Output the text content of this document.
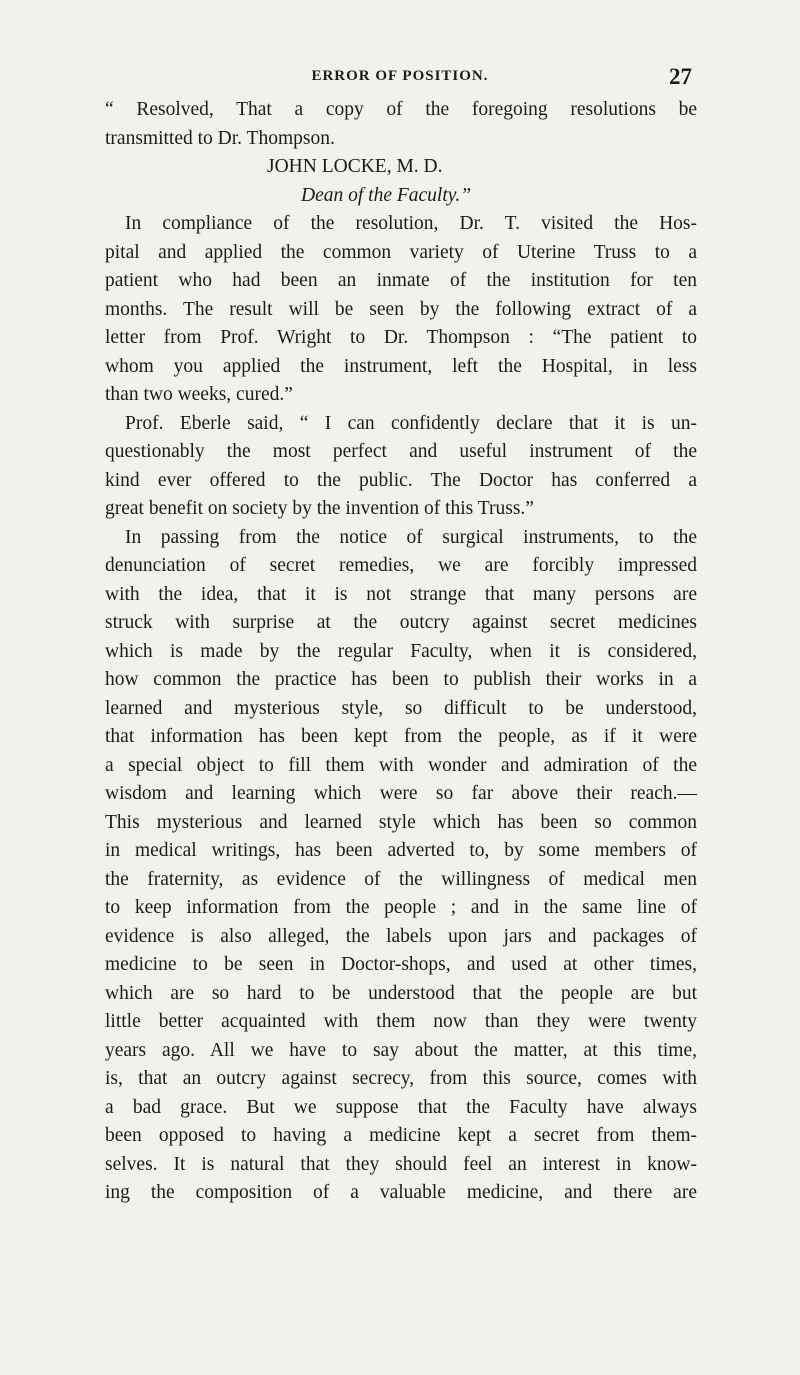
ERROR OF POSITION.	27
“ Resolved, That a copy of the foregoing resolutions be
transmitted to Dr. Thompson.
JOHN LOCKE, M. D.
Dean of the Faculty.”
In compliance of the resolution, Dr. T. visited the Hos-
pital and applied the common variety of Uterine Truss to a
patient who had been an inmate of the institution for ten
months. The result will be seen by the following extract of a
letter from Prof. Wright to Dr. Thompson : “The patient to
whom you applied the instrument, left the Hospital, in less
than two weeks, cured.”
Prof. Eberle said, “ I can confidently declare that it is un-
questionably the most perfect and useful instrument of the
kind ever offered to the public. The Doctor has conferred a
great benefit on society by the invention of this Truss.”
In passing from the notice of surgical instruments, to the
denunciation of secret remedies, we are forcibly impressed
with the idea, that it is not strange that many persons are
struck with surprise at the outcry against secret medicines
which is made by the regular Faculty, when it is considered,
how common the practice has been to publish their works in a
learned and mysterious style, so difficult to be understood,
that information has been kept from the people, as if it were
a special object to fill them with wonder and admiration of the
wisdom and learning which were so far above their reach.—
This mysterious and learned style which has been so common
in medical writings, has been adverted to, by some members of
the fraternity, as evidence of the willingness of medical men
to keep information from the people ; and in the same line of
evidence is also alleged, the labels upon jars and packages of
medicine to be seen in Doctor-shops, and used at other times,
which are so hard to be understood that the people are but
little better acquainted with them now than they were twenty
years ago. All we have to say about the matter, at this time,
is, that an outcry against secrecy, from this source, comes with
a bad grace. But we suppose that the Faculty have always
been opposed to having a medicine kept a secret from them-
selves. It is natural that they should feel an interest in know-
ing the composition of a valuable medicine, and there are
